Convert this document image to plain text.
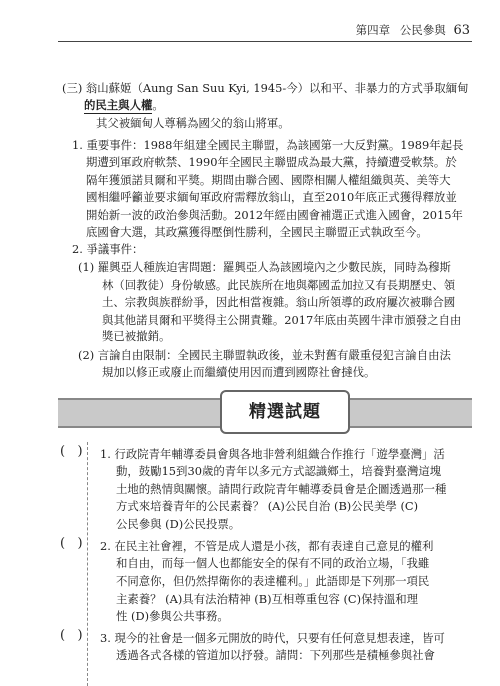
第四章 公民參與 63
(三) 翁山蘇姬（Aung San Suu Kyi, 1945-今）以和平、非暴力的方式爭取緬甸
的民主與人權。
其父被緬甸人尊稱為國父的翁山將軍。
1. 重要事件：1988年組建全國民主聯盟，為該國第一大反對黨。1989年起長
期遭到軍政府軟禁、1990年全國民主聯盟成為最大黨，持續遭受軟禁。於
隔年獲頒諾貝爾和平獎。期間由聯合國、國際相關人權組織與英、美等大
國相繼呼籲並要求緬甸軍政府需釋放翁山，直至2010年底正式獲得釋放並
開始新一波的政治參與活動。2012年經由國會補選正式進入國會，2015年
底國會大選，其政黨獲得壓倒性勝利，全國民主聯盟正式執政至今。
2. 爭議事件：
(1) 羅興亞人種族迫害問題：羅興亞人為該國境內之少數民族，同時為穆斯
林（回教徒）身份敏感。此民族所在地與鄰國孟加拉又有長期歷史、領
土、宗教與族群紛爭，因此相當複雜。翁山所領導的政府屢次被聯合國
與其他諾貝爾和平獎得主公開責難。2017年底由英國牛津市頒發之自由
獎已被撤銷。
(2) 言論自由限制：全國民主聯盟執政後，並未對舊有嚴重侵犯言論自由法
規加以修正或廢止而繼續使用因而遭到國際社會撻伐。
精選試題
(   ) 1. 行政院青年輔導委員會與各地非營利組織合作推行「遊學臺灣」活
動，鼓勵15到30歲的青年以多元方式認識鄉土，培養對臺灣這塊
土地的熱情與關懷。請問行政院青年輔導委員會是企圖透過那一種
方式來培養青年的公民素養？ (A)公民自治 (B)公民美學 (C)
公民參與 (D)公民投票。
(   ) 2. 在民主社會裡，不管是成人還是小孩，都有表達自己意見的權利
和自由，而每一個人也都能安全的保有不同的政治立場，「我雖
不同意你，但仍然捍衛你的表達權利。」此語即是下列那一項民
主素養？ (A)具有法治精神 (B)互相尊重包容 (C)保持溫和理
性 (D)參與公共事務。
(   ) 3. 現今的社會是一個多元開放的時代，只要有任何意見想表達，皆可
透過各式各樣的管道加以抒發。請問：下列那些是積極參與社會
